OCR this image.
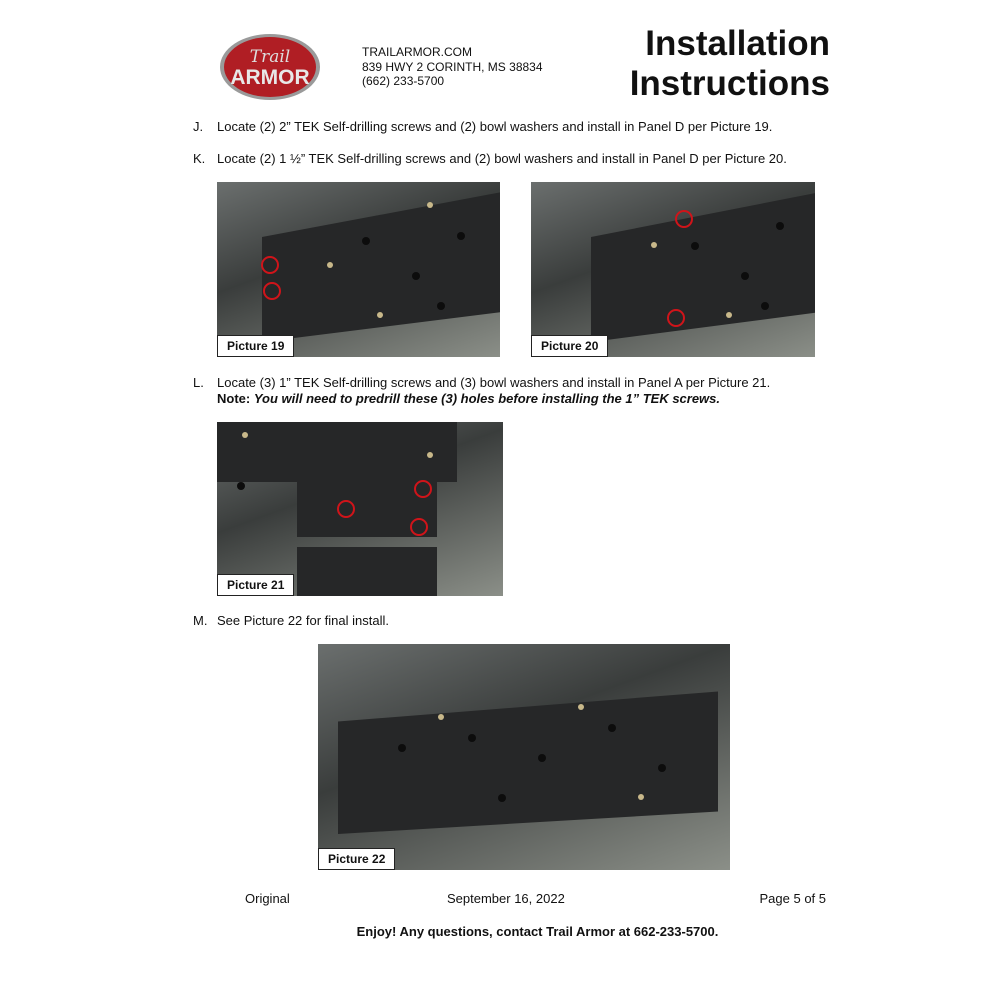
Trail
ARMOR
TRAILARMOR.COM
839 HWY 2 CORINTH, MS 38834
(662) 233-5700
Installation
Instructions
J. Locate (2) 2” TEK Self-drilling screws and (2) bowl washers and install in Panel D per Picture 19.
K. Locate (2) 1 ½” TEK Self-drilling screws and (2) bowl washers and install in Panel D per Picture 20.
Picture 19	Picture 20
L. Locate (3) 1” TEK Self-drilling screws and (3) bowl washers and install in Panel A per Picture 21.
Note: You will need to predrill these (3) holes before installing the 1” TEK screws.
Picture 21
M. See Picture 22 for final install.
Picture 22
Original	September 16, 2022	Page 5 of 5
Enjoy! Any questions, contact Trail Armor at 662-233-5700.
